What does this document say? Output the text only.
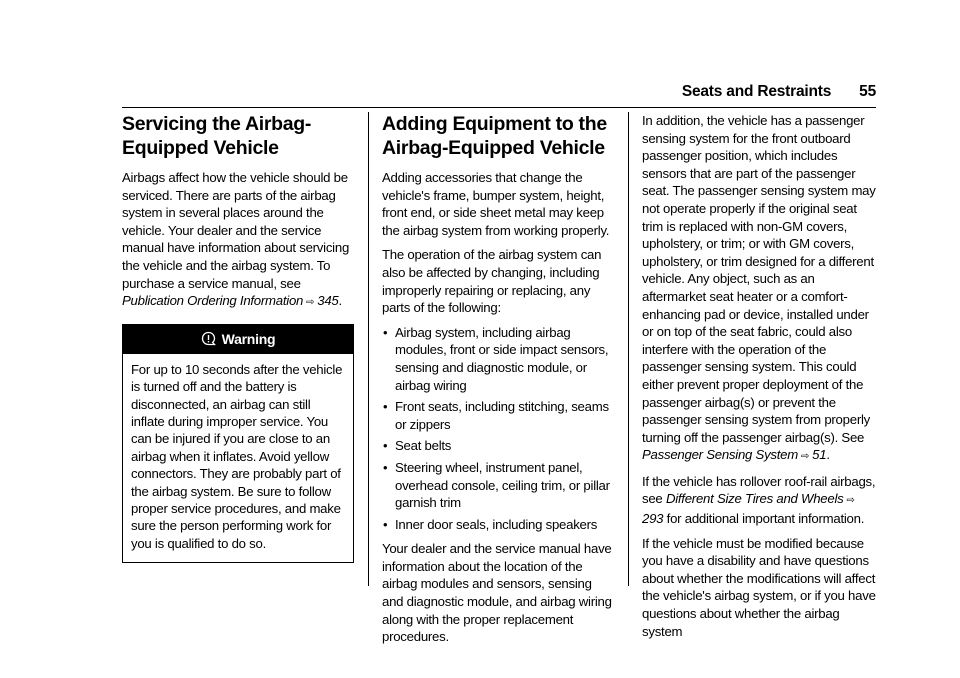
Seats and Restraints 55
Servicing the Airbag-Equipped Vehicle

Airbags affect how the vehicle should be serviced. There are parts of the airbag system in several places around the vehicle. Your dealer and the service manual have information about servicing the vehicle and the airbag system. To purchase a service manual, see Publication Ordering Information ⇨ 345.

Warning
For up to 10 seconds after the vehicle is turned off and the battery is disconnected, an airbag can still inflate during improper service. You can be injured if you are close to an airbag when it inflates. Avoid yellow connectors. They are probably part of the airbag system. Be sure to follow proper service procedures, and make sure the person performing work for you is qualified to do so.
Adding Equipment to the Airbag-Equipped Vehicle

Adding accessories that change the vehicle's frame, bumper system, height, front end, or side sheet metal may keep the airbag system from working properly.

The operation of the airbag system can also be affected by changing, including improperly repairing or replacing, any parts of the following:

• Airbag system, including airbag modules, front or side impact sensors, sensing and diagnostic module, or airbag wiring
• Front seats, including stitching, seams or zippers
• Seat belts
• Steering wheel, instrument panel, overhead console, ceiling trim, or pillar garnish trim
• Inner door seals, including speakers

Your dealer and the service manual have information about the location of the airbag modules and sensors, sensing and diagnostic module, and airbag wiring along with the proper replacement procedures.

In addition, the vehicle has a passenger sensing system for the front outboard passenger position, which includes sensors that are part of the passenger seat. The passenger sensing system may not operate properly if the original seat trim is replaced with non-GM covers, upholstery, or trim; or with GM covers, upholstery, or trim designed for a different vehicle. Any object, such as an aftermarket seat heater or a comfort-enhancing pad or device, installed under or on top of the seat fabric, could also interfere with the operation of the passenger sensing system. This could either prevent proper deployment of the passenger airbag(s) or prevent the passenger sensing system from properly turning off the passenger airbag(s). See Passenger Sensing System ⇨ 51.

If the vehicle has rollover roof-rail airbags, see Different Size Tires and Wheels ⇨293 for additional important information.

If the vehicle must be modified because you have a disability and have questions about whether the modifications will affect the vehicle's airbag system, or if you have questions about whether the airbag system
